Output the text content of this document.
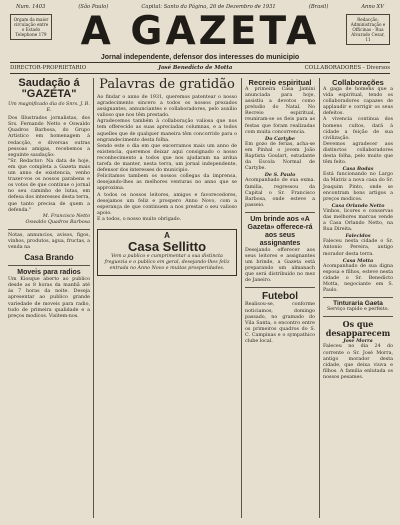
Num. 1403	(São Paulo)	Capital: Santo da Página, 26 de Dezembro de 1931	(Brasil)	Anno XV
Orgam da maior circulação entre o Estado Telephone 179 A GAZETA
Jornal independente, defensor dos interesses do municipio
Redacção, Administração e Officinas - Rua Alvarado Cesar, 11
DIRECTOR-PROPRIETARIO	José Benedicto de Motta	COLLABORADORES - Diversos
Saudação á "GAZETA"
Um magnificado dia do Snrs. J. B. E.
Dos Illustrados jornalistas, dos Srs. Fernando Netto e Oswaldo Quadros Barbosa, do Grupo Artistico em homenagem á redacção, e diversas outras pessoas amigas, recebemos a seguinte saudação:
"Sr. Redactor: Na data de hoje, em que completa a Gazeta mais um anno de existencia, venho trazer-vos os nossos parabens e os votos de que continue o jornal no seu caminho de lutas, em defesa dos interesses desta terra, que tanto precisa de quem a defenda."
M. Francisco Netto
Oswaldo Quadros Barbosa
Notas, annuncios, avisos, figos, vinhos, produtos, agua, fructas, a venda na
Casa Brando
Moveis para radios
Um Kiosque aberto ao publico desde as 8 horas da manhã até ás 7 horas da noite. Deseja apresentar ao publico grande variedade de moveis para radio, tudo de primeira qualidade e a preços modicos. Visitem-nos.
Palavras de gratidão
Ao findar o anno de 1931, queremos patentear o nosso agradecimento sincero a todos os nossos prezados assignantes, annunciantes e collaboradores, pelo auxilio valioso que nos têm prestado.
Agradecemos também á collaboração valiosa que nos tem offerecido as suas apreciadas columnas, e a todos aquelles que de qualquer maneira têm concorrido para o engrandecimento desta folha.
Sendo este o dia em que encerramos mais um anno de existencia, queremos deixar aqui consignado o nosso reconhecimento a todos que nos ajudaram na ardua tarefa de manter, nesta terra, um jornal independente, defensor dos interesses do municipio.
Felicitamos tambem os nossos collegas da imprensa, desejando-lhes as melhores venturas no anno que se approxima.
A todos os nossos leitores, amigos e favorecedores, desejamos um feliz e prospero Anno Novo, com a esperança de que continuem a nos prestar o seu valioso apoio.
E a todos, o nosso muito obrigado.
A
Casa Sellitto
Vem a publico e cumprimentar a sua distincta freguezia e o publico em geral, desejando-lhes feliz entrada no Anno Novo e muitas prosperidades.
Recreio espiritual
A primeira Casa Jamini anunciada para hoje, assistiu a devotos como preludio do Natal. No Recreio espiritual, reuniram-se os fieis para as festas que foram realizadas com muita concorrencia.
Do Cartybe
Em gozo de ferias, acha-se em Pinhal o jovem João Baptista Goulart, estudante da Escola Normal de Cartybe.
De S. Paulo
Acompanhado de sua exma. familia, regressou da Capital o Sr. Francisco Barbosa, onde esteve a passeio.
Um brinde aos «A Gazeta» offerece-rá aos seus assignantes
Desejando offerecer aos seus leitores e assignantes um brinde, a Gazeta está preparando um almanach que será distribuido no mez de Janeiro.
Futebol
Realisou-se, conforme noticiamos, domingo passado, no gramado do Vila Santa, o encontro entre os primeiros quadros do S. C. Campinas e o sympathico clube local.
Collaborações
A gaga de homens que a vida espiritual, tendo os collaboradores capazes de applaudir e corrigir os seus defeitos.
A vivencia continua dos homens cultos, dará á cidade a feição de sua civilização.
Devemos agradecer aos distinctos collaboradores desta folha, pelo muito que têm feito.
Casa Bodas
Está funcionando no Largo da Matriz a nova casa do Sr. Joaquim Pinto, onde se encontram bons artigos a preços modicos.
Casa Orlando Netto
Vinhos, licores e conservas das melhores marcas vende a Casa Orlando Netto, na Rua Direita.
Falecidos
Faleceu nesta cidade o Sr. Antonio Pereira, antigo morador desta terra.
Casa Motta
Acompanhado de sua digna esposa e filhos, esteve nesta cidade o Sr. Benedicto Motta, negociante em S. Paulo.
Tinturaria Gaeta
Serviço rapido e perfeito.
Os que desapparecem
José Morra
Faleceu no dia 24 do corrente o Sr. José Morra, antigo morador desta cidade, que deixa viuva e filhos. A familia enlutada os nossos pesames.
